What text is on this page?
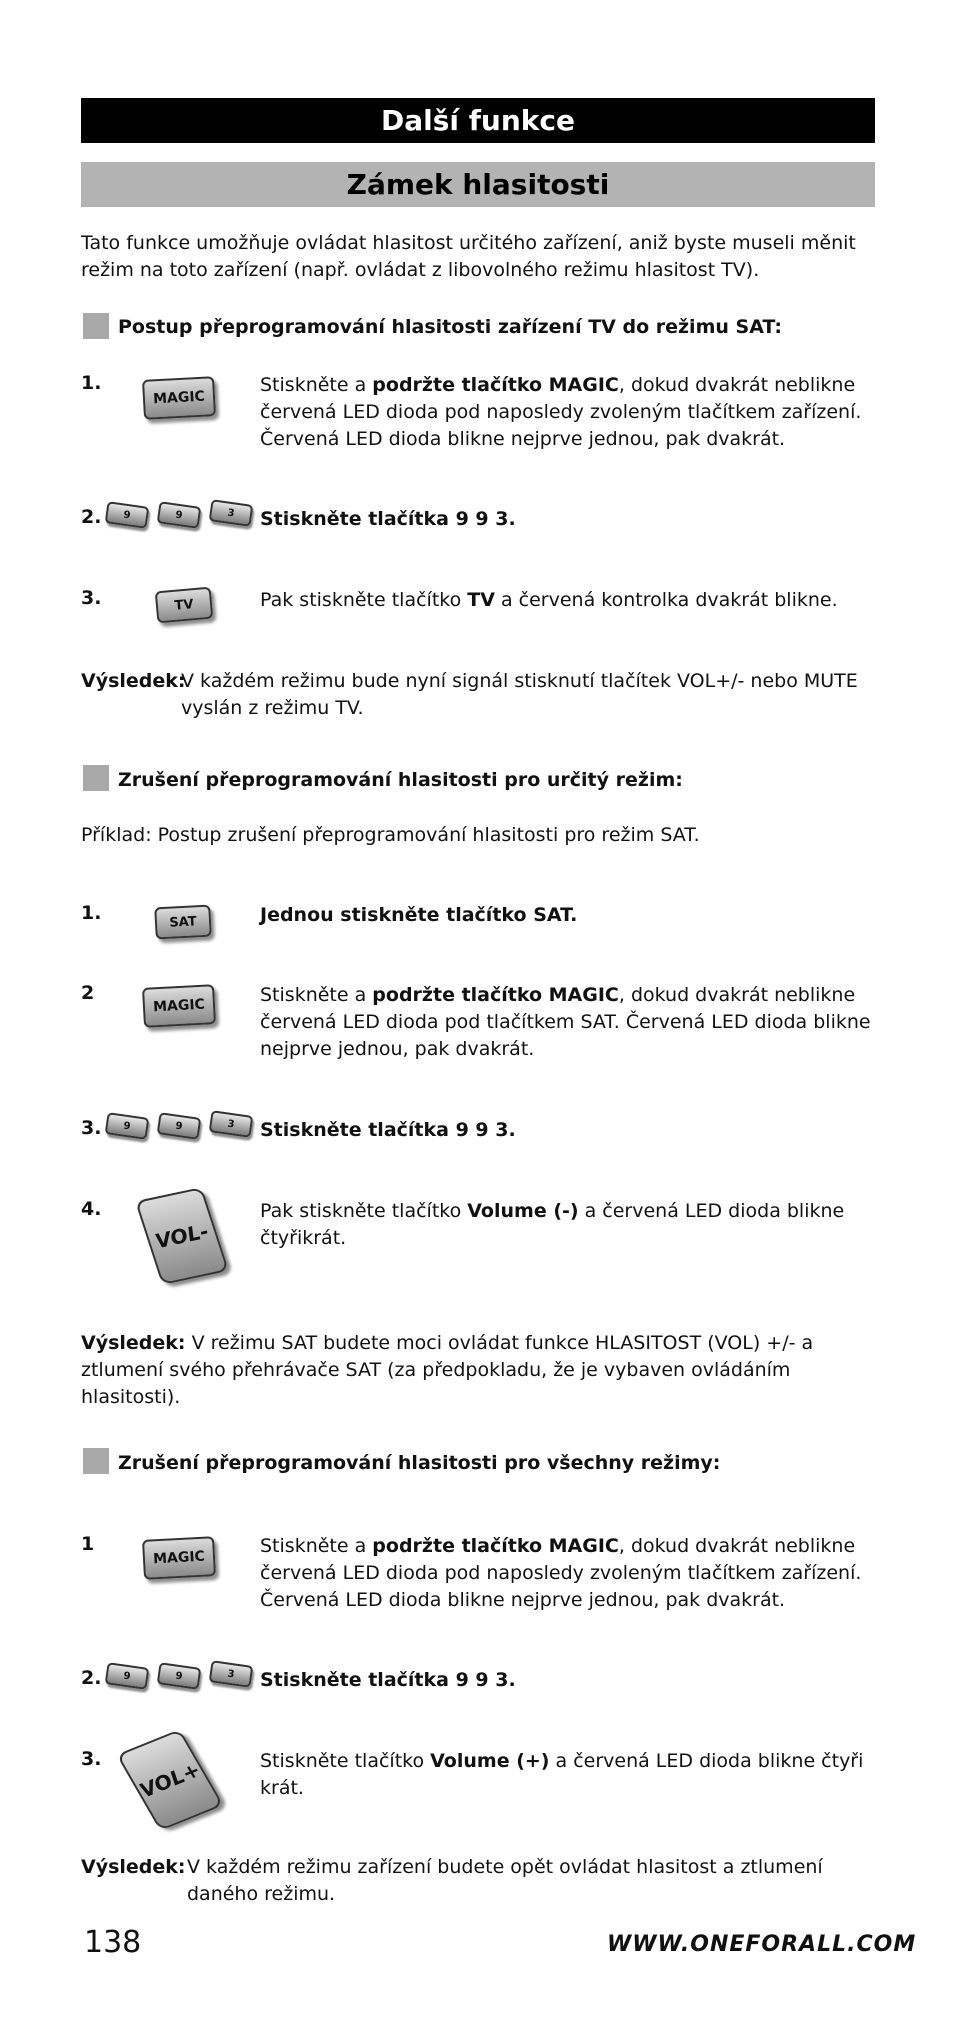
Další funkce
Zámek hlasitosti
Tato funkce umožňuje ovládat hlasitost určitého zařízení, aniž byste museli měnit režim na toto zařízení (např. ovládat z libovolného režimu hlasitost TV).
Postup přeprogramování hlasitosti zařízení TV do režimu SAT:
1.
MAGIC
Stiskněte a podržte tlačítko MAGIC, dokud dvakrát neblikne červená LED dioda pod naposledy zvoleným tlačítkem zařízení. Červená LED dioda blikne nejprve jednou, pak dvakrát.
2.	9	9	3	Stiskněte tlačítka 9 9 3.
3.	TV	Pak stiskněte tlačítko TV a červená kontrolka dvakrát blikne.
Výsledek:
V každém režimu bude nyní signál stisknutí tlačítek VOL+/- nebo MUTE vyslán z režimu TV.
Zrušení přeprogramování hlasitosti pro určitý režim:
Příklad: Postup zrušení přeprogramování hlasitosti pro režim SAT.
1.	SAT	Jednou stiskněte tlačítko SAT.
2
MAGIC	Stiskněte a podržte tlačítko MAGIC, dokud dvakrát neblikne červená LED dioda pod tlačítkem SAT. Červená LED dioda blikne nejprve jednou, pak dvakrát.
3.	9	9	3	Stiskněte tlačítka 9 9 3.
4.
VOL-
Pak stiskněte tlačítko Volume (-) a červená LED dioda blikne čtyřikrát.
Výsledek: V režimu SAT budete moci ovládat funkce HLASITOST (VOL) +/- a ztlumení svého přehrávače SAT (za předpokladu, že je vybaven ovládáním hlasitosti).
Zrušení přeprogramování hlasitosti pro všechny režimy:
1
MAGIC
Stiskněte a podržte tlačítko MAGIC, dokud dvakrát neblikne červená LED dioda pod naposledy zvoleným tlačítkem zařízení. Červená LED dioda blikne nejprve jednou, pak dvakrát.
2.	9	9	3	Stiskněte tlačítka 9 9 3.
3.	VOL+	Stiskněte tlačítko Volume (+) a červená LED dioda blikne čtyři krát.
Výsledek: V každém režimu zařízení budete opět ovládat hlasitost a ztlumení daného režimu.
138	WWW.ONEFORALL.COM
